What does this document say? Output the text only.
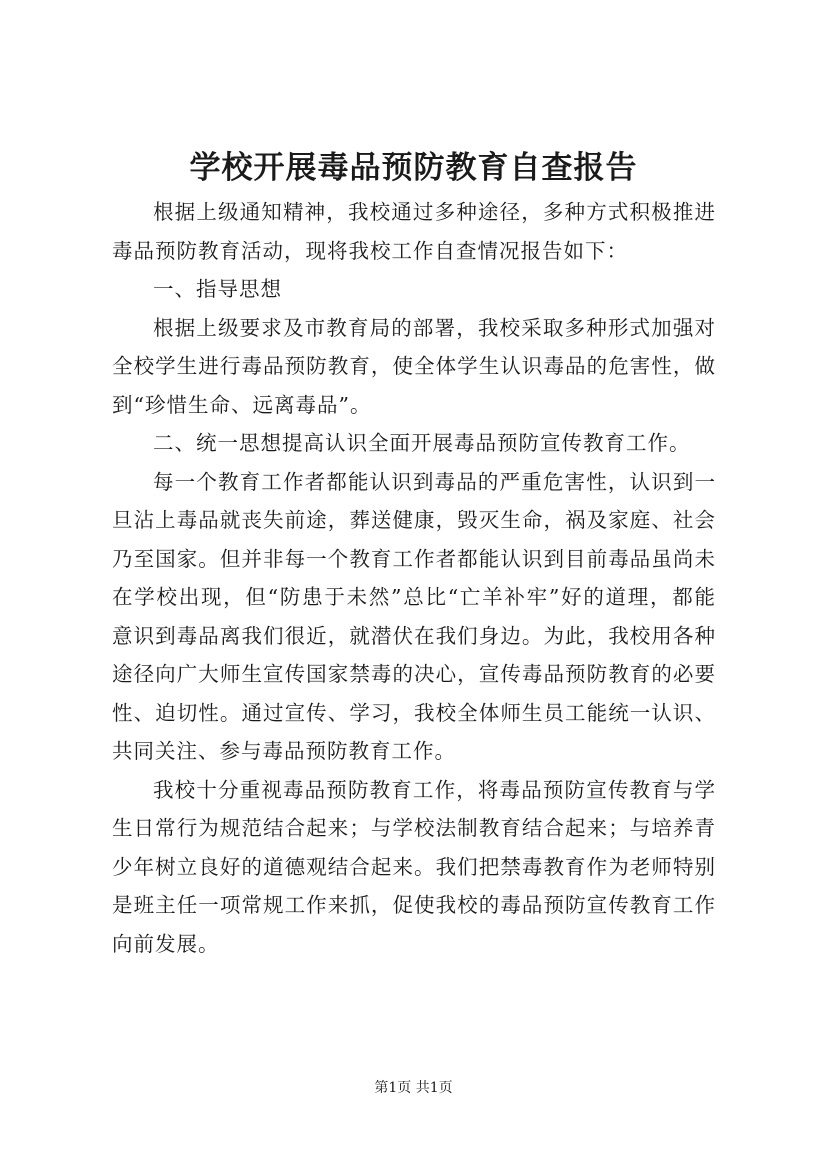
学校开展毒品预防教育自查报告

根据上级通知精神，我校通过多种途径，多种方式积极推进毒品预防教育活动，现将我校工作自查情况报告如下：

一、指导思想

根据上级要求及市教育局的部署，我校采取多种形式加强对全校学生进行毒品预防教育，使全体学生认识毒品的危害性，做到“珍惜生命、远离毒品”。

二、统一思想提高认识全面开展毒品预防宣传教育工作。

每一个教育工作者都能认识到毒品的严重危害性，认识到一旦沾上毒品就丧失前途，葬送健康，毁灭生命，祸及家庭、社会乃至国家。但并非每一个教育工作者都能认识到目前毒品虽尚未在学校出现，但“防患于未然”总比“亡羊补牢”好的道理，都能意识到毒品离我们很近，就潜伏在我们身边。为此，我校用各种途径向广大师生宣传国家禁毒的决心，宣传毒品预防教育的必要性、迫切性。通过宣传、学习，我校全体师生员工能统一认识、共同关注、参与毒品预防教育工作。

我校十分重视毒品预防教育工作，将毒品预防宣传教育与学生日常行为规范结合起来；与学校法制教育结合起来；与培养青少年树立良好的道德观结合起来。我们把禁毒教育作为老师特别是班主任一项常规工作来抓，促使我校的毒品预防宣传教育工作向前发展。

第1页 共1页
